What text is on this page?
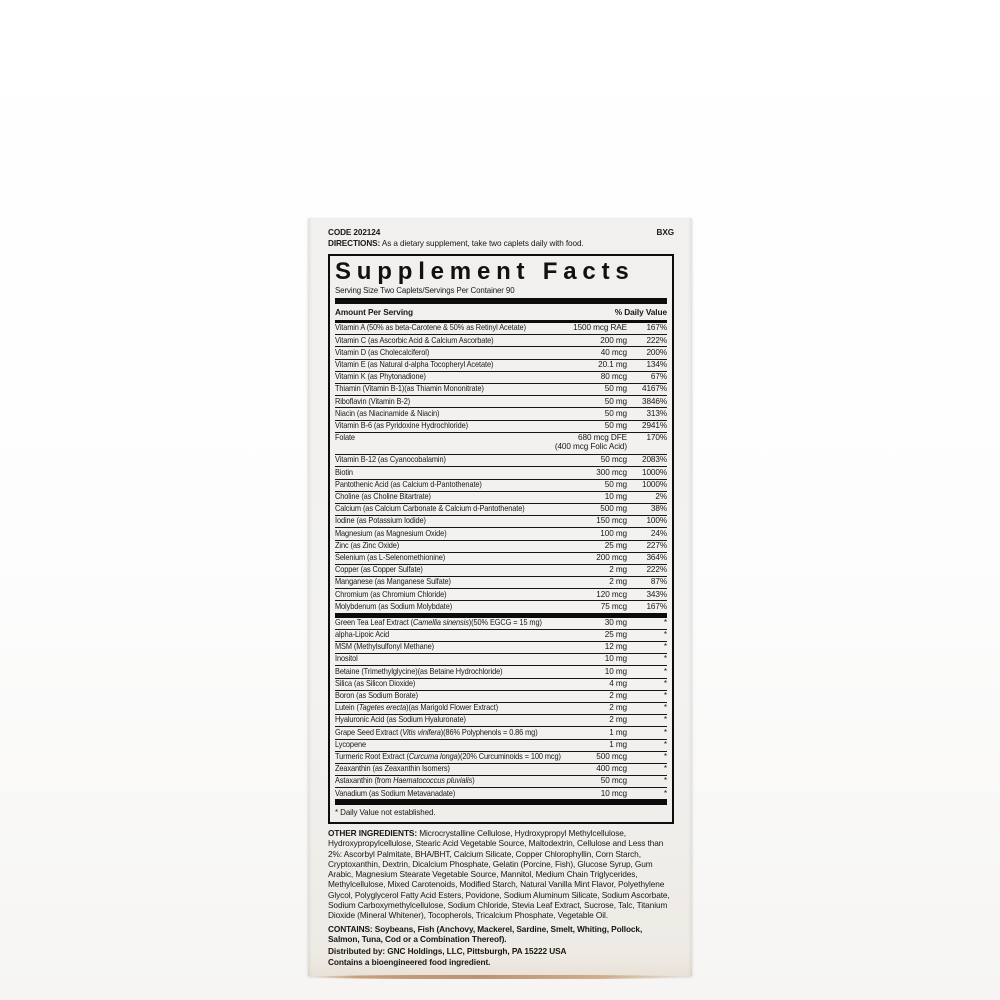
CODE 202124	BXG
DIRECTIONS: As a dietary supplement, take two caplets daily with food.
Supplement Facts
Serving Size Two Caplets/Servings Per Container 90
Amount Per Serving	% Daily Value
Vitamin A (50% as beta-Carotene & 50% as Retinyl Acetate)	1500 mcg RAE 167%
Vitamin C (as Ascorbic Acid & Calcium Ascorbate)	200 mg 222%
Vitamin D (as Cholecalciferol)	40 mcg 200%
Vitamin E (as Natural d-alpha Tocopheryl Acetate)	20.1 mg 134%
Vitamin K (as Phytonadione)	80 mcg	67%
Thiamin (Vitamin B-1)(as Thiamin Mononitrate)	50 mg 4167%
Riboflavin (Vitamin B-2)	50 mg 3846%
Niacin (as Niacinamide & Niacin)	50 mg 313%
Vitamin B-6 (as Pyridoxine Hydrochloride)	50 mg 2941%
Folate	680 mcg DFE
(400 mcg Folic Acid)
170%
Vitamin B-12 (as Cyanocobalamin)	50 mcg 2083%
Biotin	300 mcg 1000%
Pantothenic Acid (as Calcium d-Pantothenate)	50 mg 1000%
Choline (as Choline Bitartrate)	10 mg	2%
Calcium (as Calcium Carbonate & Calcium d-Pantothenate)	500 mg	38%
Iodine (as Potassium Iodide)	150 mcg 100%
Magnesium (as Magnesium Oxide)	100 mg	24%
Zinc (as Zinc Oxide)	25 mg 227%
Selenium (as L-Selenomethionine)	200 mcg 364%
Copper (as Copper Sulfate)	2 mg 222%
Manganese (as Manganese Sulfate)	2 mg	87%
Chromium (as Chromium Chloride)	120 mcg 343%
Molybdenum (as Sodium Molybdate)	75 mcg 167%
Green Tea Leaf Extract (Camellia sinensis)(50% EGCG = 15 mg)	30 mg	*
alpha-Lipoic Acid	25 mg	*
MSM (Methylsulfonyl Methane)	12 mg	*
Inositol	10 mg	*
Betaine (Trimethylglycine)(as Betaine Hydrochloride)	10 mg	*
Silica (as Silicon Dioxide)	4 mg	*
Boron (as Sodium Borate)	2 mg	*
Lutein (Tagetes erecta)(as Marigold Flower Extract)	2 mg	*
Hyaluronic Acid (as Sodium Hyaluronate)	2 mg	*
Grape Seed Extract (Vitis vinifera)(86% Polyphenols = 0.86 mg)	1 mg	*
Lycopene	1 mg	*
Turmeric Root Extract (Curcuma longa)(20% Curcuminoids = 100 mcg)	500 mcg	*
Zeaxanthin (as Zeaxanthin Isomers)	400 mcg	*
Astaxanthin (from Haematococcus pluvialis)	50 mcg	*
Vanadium (as Sodium Metavanadate)	10 mcg	*
* Daily Value not established.

OTHER INGREDIENTS: Microcrystalline Cellulose, Hydroxypropyl Methylcellulose, Hydroxypropylcellulose, Stearic Acid Vegetable Source, Maltodextrin, Cellulose and Less than 2%: Ascorbyl Palmitate, BHA/BHT, Calcium Silicate, Copper Chlorophyllin, Corn Starch, Cryptoxanthin, Dextrin, Dicalcium Phosphate, Gelatin (Porcine, Fish), Glucose Syrup, Gum Arabic, Magnesium Stearate Vegetable Source, Mannitol, Medium Chain Triglycerides, Methylcellulose, Mixed Carotenoids, Modified Starch, Natural Vanilla Mint Flavor, Polyethylene Glycol, Polyglycerol Fatty Acid Esters, Povidone, Sodium Aluminum Silicate, Sodium Ascorbate, Sodium Carboxymethylcellulose, Sodium Chloride, Stevia Leaf Extract, Sucrose, Talc, Titanium Dioxide (Mineral Whitener), Tocopherols, Tricalcium Phosphate, Vegetable Oil.

CONTAINS: Soybeans, Fish (Anchovy, Mackerel, Sardine, Smelt, Whiting, Pollock, Salmon, Tuna, Cod or a Combination Thereof).

Distributed by: GNC Holdings, LLC, Pittsburgh, PA 15222 USA

Contains a bioengineered food ingredient.
